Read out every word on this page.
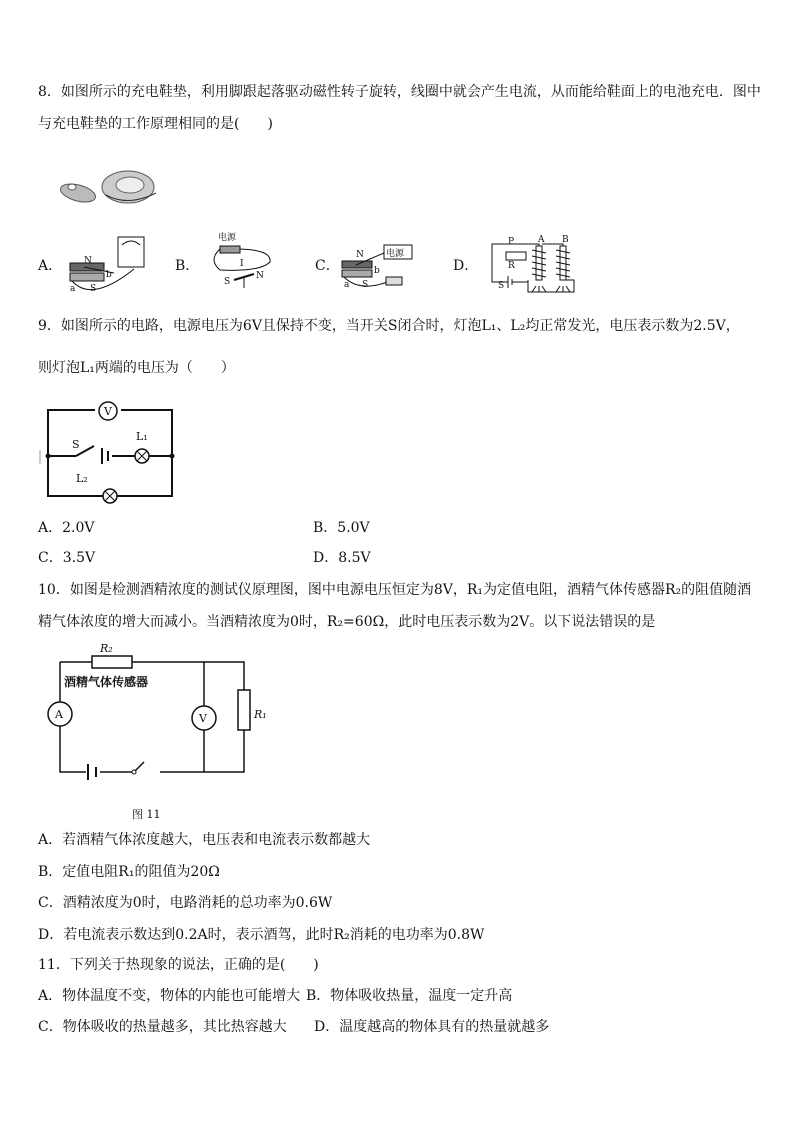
8．如图所示的充电鞋垫，利用脚跟起落驱动磁性转子旋转，线圈中就会产生电流，从而能给鞋面上的电池充电．图中
与充电鞋垫的工作原理相同的是(　　)
A．	B．	C．	D．
N
S
a
b
电源
I
S
N
电源
N
S
a
b
P
R
S
A B
9．如图所示的电路，电源电压为6V且保持不变，当开关S闭合时，灯泡L₁、L₂均正常发光，电压表示数为2.5V，
则灯泡L₁两端的电压为（　　）
V
S
L₁
L₂
A．2.0V	B．5.0V
C．3.5V	D．8.5V
10．如图是检测酒精浓度的测试仪原理图，图中电源电压恒定为8V，R₁为定值电阻，酒精气体传感器R₂的阻值随酒
精气体浓度的增大而减小。当酒精浓度为0时，R₂=60Ω，此时电压表示数为2V。以下说法错误的是
R₂
酒精气体传感器
A	V	R₁
图 11
A．若酒精气体浓度越大，电压表和电流表示数都越大
B．定值电阻R₁的阻值为20Ω
C．酒精浓度为0时，电路消耗的总功率为0.6W
D．若电流表示数达到0.2A时，表示酒驾，此时R₂消耗的电功率为0.8W
11．下列关于热现象的说法，正确的是(　　)
A．物体温度不变，物体的内能也可能增大 B．物体吸收热量，温度一定升高
C．物体吸收的热量越多，其比热容越大 D．温度越高的物体具有的热量就越多
